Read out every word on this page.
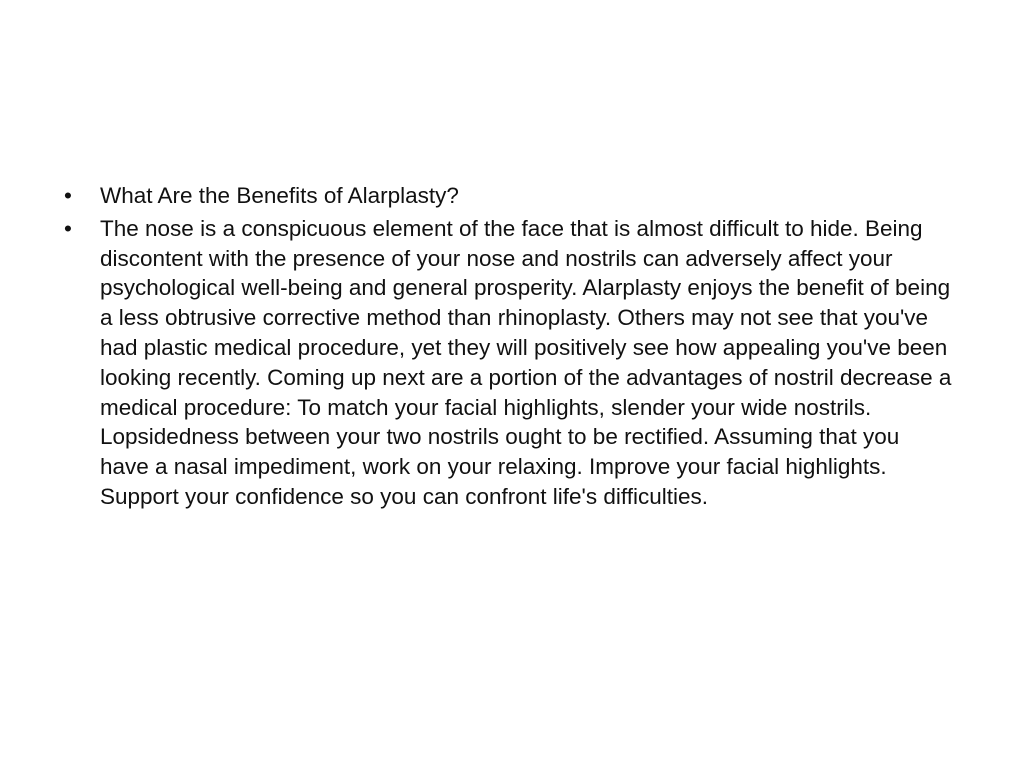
•	What Are the Benefits of Alarplasty?
•	The nose is a conspicuous element of the face that is almost difficult to hide. Being discontent with the presence of your nose and nostrils can adversely affect your psychological well-being and general prosperity. Alarplasty enjoys the benefit of being a less obtrusive corrective method than rhinoplasty. Others may not see that you've had plastic medical procedure, yet they will positively see how appealing you've been looking recently. Coming up next are a portion of the advantages of nostril decrease a medical procedure: To match your facial highlights, slender your wide nostrils. Lopsidedness between your two nostrils ought to be rectified. Assuming that you have a nasal impediment, work on your relaxing. Improve your facial highlights. Support your confidence so you can confront life's difficulties.
